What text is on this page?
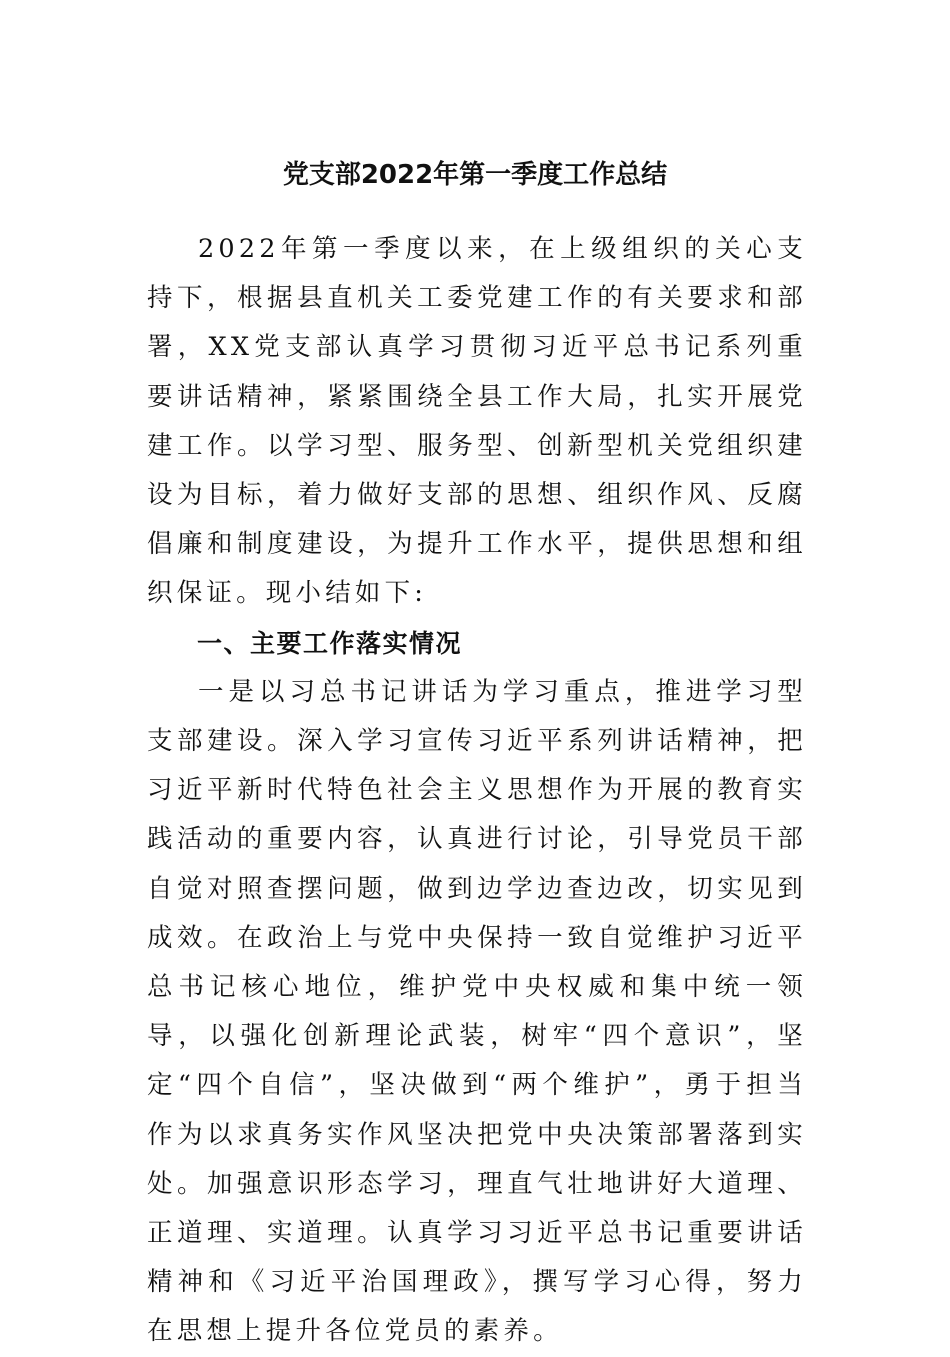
党支部2022年第一季度工作总结

2022年第一季度以来，在上级组织的关心支持下，根据县直机关工委党建工作的有关要求和部署，XX党支部认真学习贯彻习近平总书记系列重要讲话精神，紧紧围绕全县工作大局，扎实开展党建工作。以学习型、服务型、创新型机关党组织建设为目标，着力做好支部的思想、组织作风、反腐倡廉和制度建设，为提升工作水平，提供思想和组织保证。现小结如下:

一、主要工作落实情况

一是以习总书记讲话为学习重点，推进学习型支部建设。深入学习宣传习近平系列讲话精神，把习近平新时代特色社会主义思想作为开展的教育实践活动的重要内容，认真进行讨论，引导党员干部自觉对照查摆问题，做到边学边查边改，切实见到成效。在政治上与党中央保持一致自觉维护习近平总书记核心地位，维护党中央权威和集中统一领导，以强化创新理论武装，树牢“四个意识”，坚定“四个自信”，坚决做到“两个维护”，勇于担当作为以求真务实作风坚决把党中央决策部署落到实处。加强意识形态学习，理直气壮地讲好大道理、正道理、实道理。认真学习习近平总书记重要讲话精神和《习近平治国理政》，撰写学习心得，努力在思想上提升各位党员的素养。
